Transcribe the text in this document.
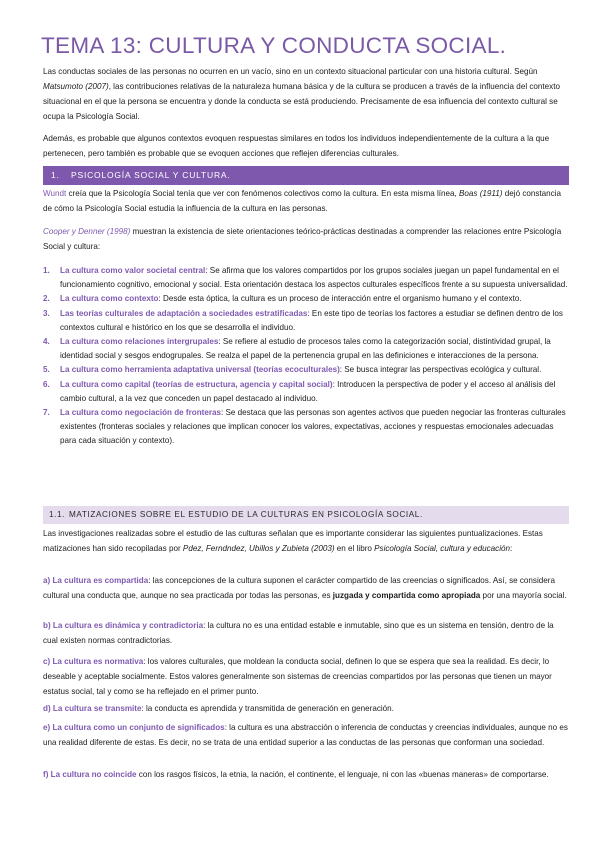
TEMA 13: CULTURA Y CONDUCTA SOCIAL.

Las conductas sociales de las personas no ocurren en un vacío, sino en un contexto situacional particular con una historia cultural. Según Matsumoto (2007), las contribuciones relativas de la naturaleza humana básica y de la cultura se producen a través de la influencia del contexto situacional en el que la persona se encuentra y donde la conducta se está produciendo. Precisamente de esa influencia del contexto cultural se ocupa la Psicología Social.

Además, es probable que algunos contextos evoquen respuestas similares en todos los individuos independientemente de la cultura a la que pertenecen, pero también es probable que se evoquen acciones que reflejen diferencias culturales.

1. PSICOLOGÍA SOCIAL Y CULTURA.

Wundt creía que la Psicología Social tenía que ver con fenómenos colectivos como la cultura. En esta misma línea, Boas (1911) dejó constancia de cómo la Psicología Social estudia la influencia de la cultura en las personas.

Cooper y Denner (1998) muestran la existencia de siete orientaciones teórico-prácticas destinadas a comprender las relaciones entre Psicología Social y cultura:

1. La cultura como valor societal central: Se afirma que los valores compartidos por los grupos sociales juegan un papel fundamental en el funcionamiento cognitivo, emocional y social. Esta orientación destaca los aspectos culturales específicos frente a su supuesta universalidad.
2. La cultura como contexto: Desde esta óptica, la cultura es un proceso de interacción entre el organismo humano y el contexto.
3. Las teorías culturales de adaptación a sociedades estratificadas: En este tipo de teorías los factores a estudiar se definen dentro de los contextos cultural e histórico en los que se desarrolla el individuo.
4. La cultura como relaciones intergrupales: Se refiere al estudio de procesos tales como la categorización social, distintividad grupal, la identidad social y sesgos endogrupales. Se realza el papel de la pertenencia grupal en las definiciones e interacciones de la persona.
5. La cultura como herramienta adaptativa universal (teorías ecoculturales): Se busca integrar las perspectivas ecológica y cultural.
6. La cultura como capital (teorías de estructura, agencia y capital social): Introducen la perspectiva de poder y el acceso al análisis del cambio cultural, a la vez que conceden un papel destacado al individuo.
7. La cultura como negociación de fronteras: Se destaca que las personas son agentes activos que pueden negociar las fronteras culturales existentes (fronteras sociales y relaciones que implican conocer los valores, expectativas, acciones y respuestas emocionales adecuadas para cada situación y contexto).
1.1. MATIZACIONES SOBRE EL ESTUDIO DE LA CULTURAS EN PSICOLOGÍA SOCIAL.

Las investigaciones realizadas sobre el estudio de las culturas señalan que es importante considerar las siguientes puntualizaciones. Estas matizaciones han sido recopiladas por Pdez, Ferndndez, Ubillos y Zubieta (2003) en el libro Psicología Social, cultura y educación:

a) La cultura es compartida: las concepciones de la cultura suponen el carácter compartido de las creencias o significados. Así, se considera cultural una conducta que, aunque no sea practicada por todas las personas, es juzgada y compartida como apropiada por una mayoría social.

b) La cultura es dinámica y contradictoria: la cultura no es una entidad estable e inmutable, sino que es un sistema en tensión, dentro de la cual existen normas contradictorias.

c) La cultura es normativa: los valores culturales, que moldean la conducta social, definen lo que se espera que sea la realidad. Es decir, lo deseable y aceptable socialmente. Estos valores generalmente son sistemas de creencias compartidos por las personas que tienen un mayor estatus social, tal y como se ha reflejado en el primer punto.

d) La cultura se transmite: la conducta es aprendida y transmitida de generación en generación.

e) La cultura como un conjunto de significados: la cultura es una abstracción o inferencia de conductas y creencias individuales, aunque no es una realidad diferente de estas. Es decir, no se trata de una entidad superior a las conductas de las personas que conforman una sociedad.

f) La cultura no coincide con los rasgos físicos, la etnia, la nación, el continente, el lenguaje, ni con las «buenas maneras» de comportarse.
